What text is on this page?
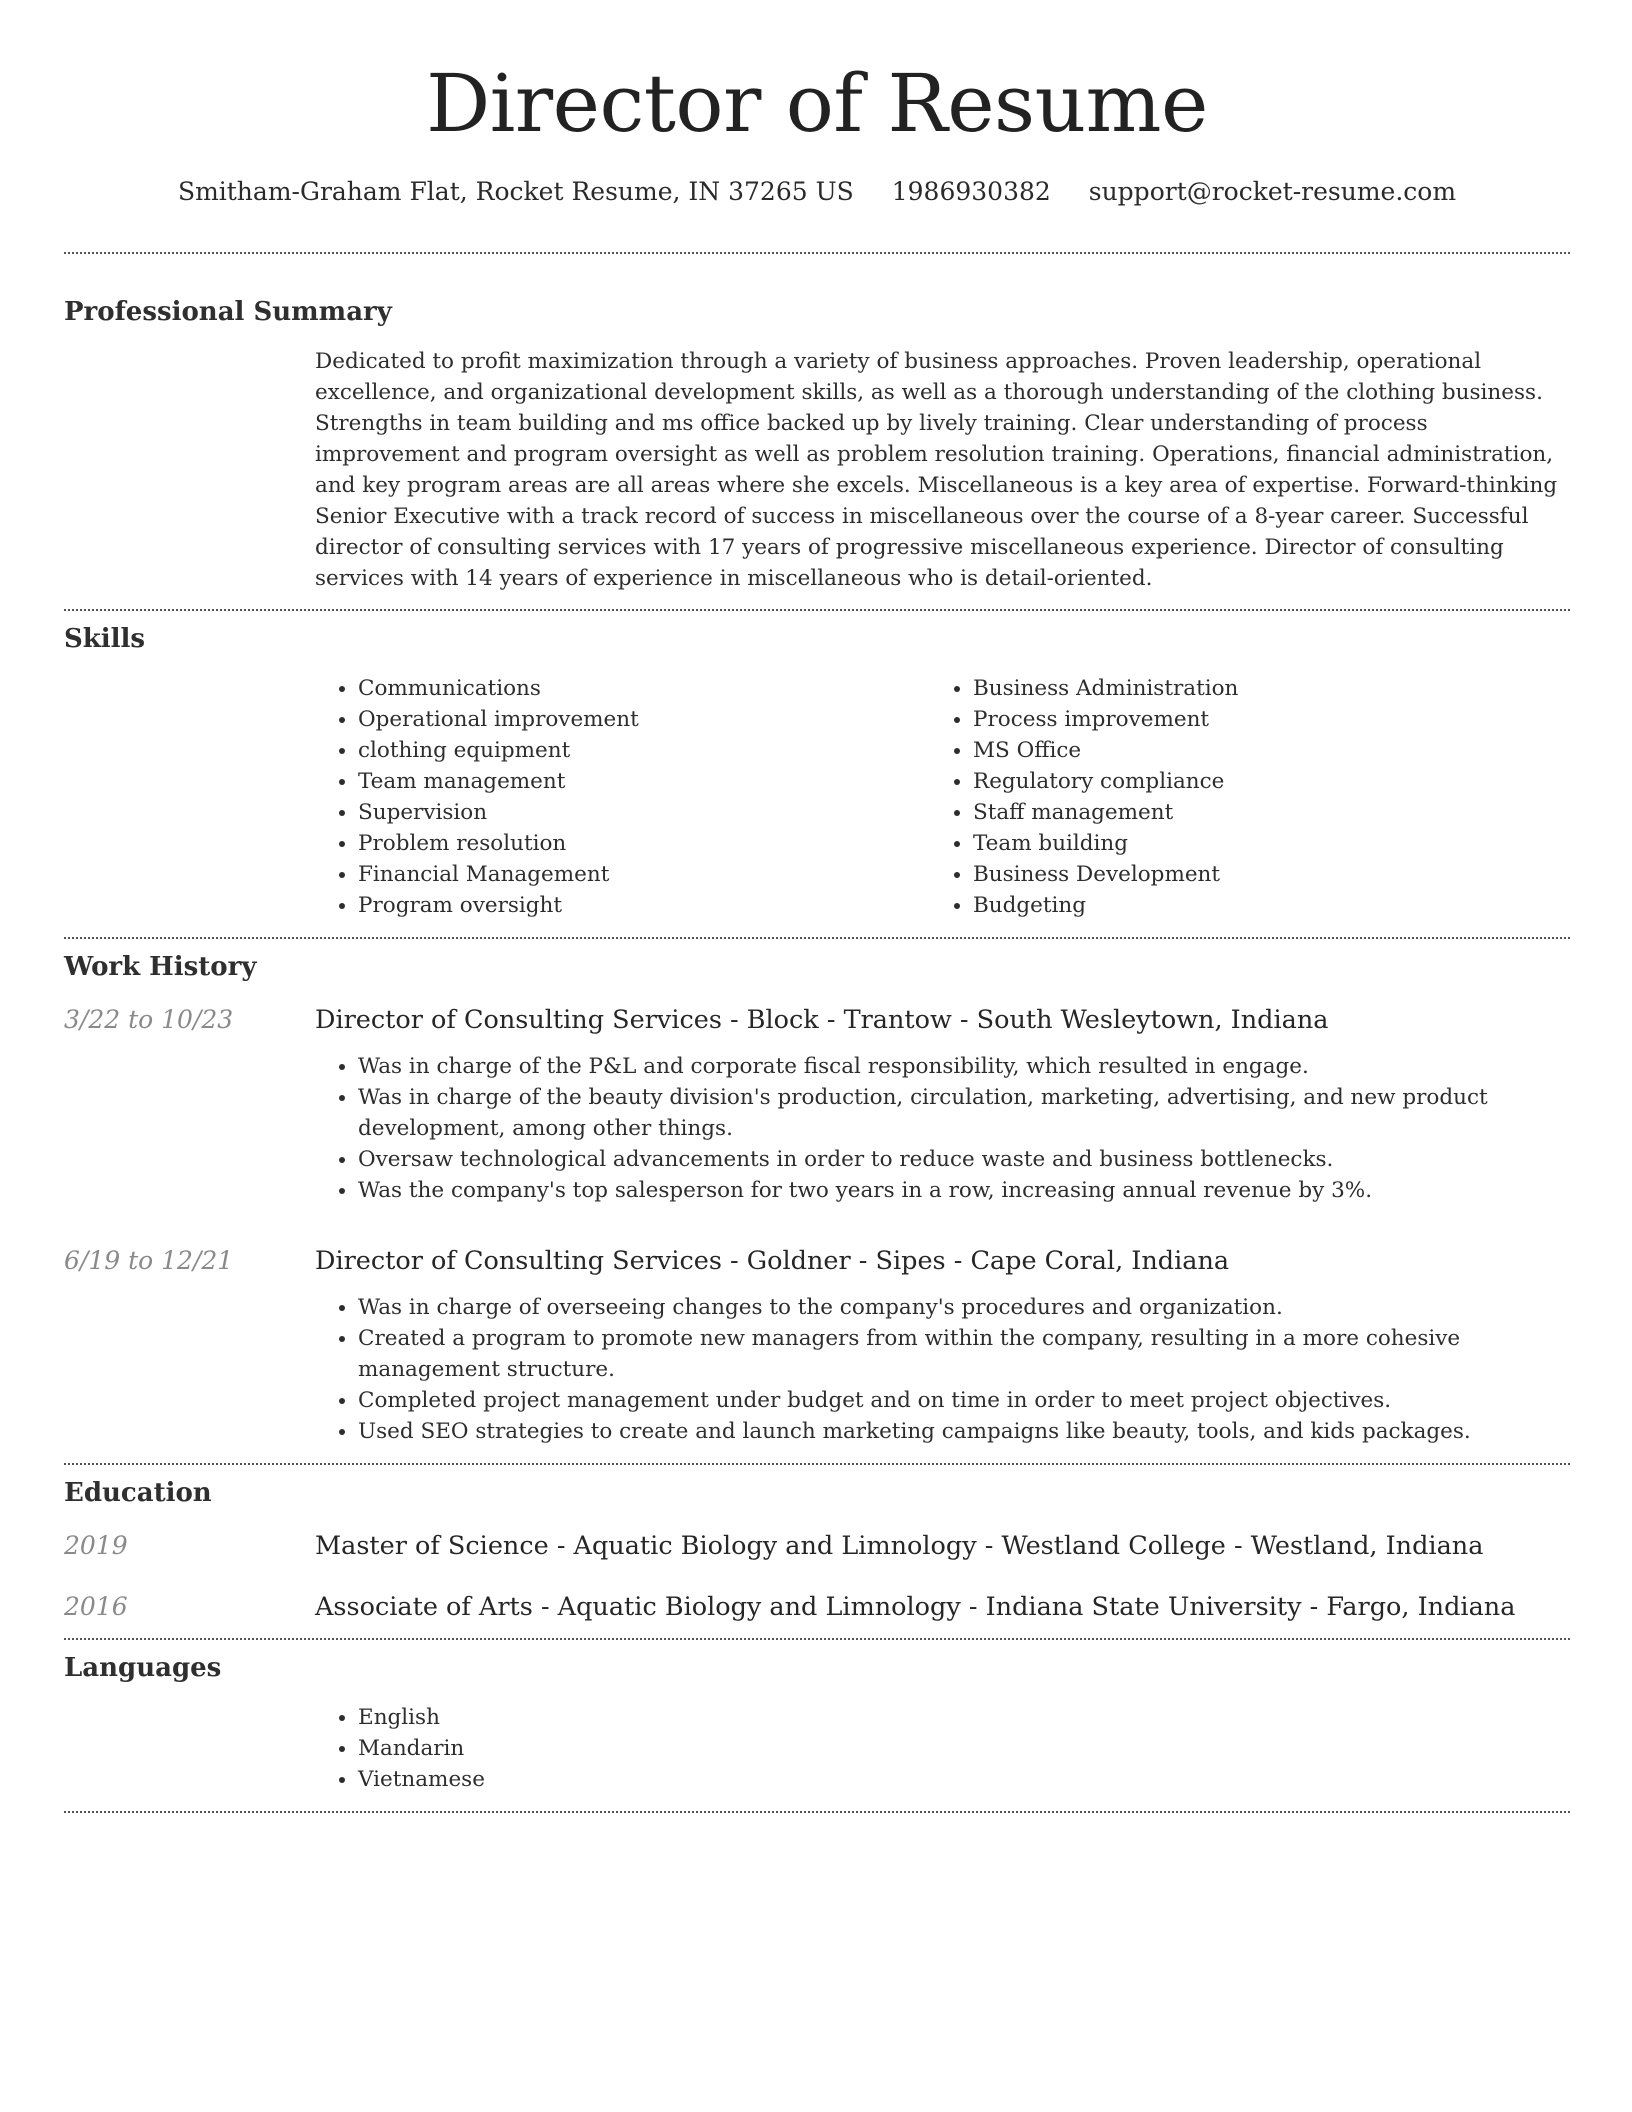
Director of Resume
Smitham-Graham Flat, Rocket Resume, IN 37265 US 1986930382 support@rocket-resume.com
Professional Summary

Dedicated to profit maximization through a variety of business approaches. Proven leadership, operational excellence, and organizational development skills, as well as a thorough understanding of the clothing business. Strengths in team building and ms office backed up by lively training. Clear understanding of process improvement and program oversight as well as problem resolution training. Operations, financial administration, and key program areas are all areas where she excels. Miscellaneous is a key area of expertise. Forward-thinking Senior Executive with a track record of success in miscellaneous over the course of a 8-year career. Successful director of consulting services with 17 years of progressive miscellaneous experience. Director of consulting services with 14 years of experience in miscellaneous who is detail-oriented.

Skills
• Communications
• Operational improvement
• clothing equipment
• Team management
• Supervision
• Problem resolution
• Financial Management
• Program oversight
• Business Administration
• Process improvement
• MS Office
• Regulatory compliance
• Staff management
• Team building
• Business Development
• Budgeting
Work History
3/22 to 10/23	Director of Consulting Services - Block - Trantow - South Wesleytown, Indiana
• Was in charge of the P&L and corporate fiscal responsibility, which resulted in engage.
• Was in charge of the beauty division's production, circulation, marketing, advertising, and new product development, among other things.
• Oversaw technological advancements in order to reduce waste and business bottlenecks.
• Was the company's top salesperson for two years in a row, increasing annual revenue by 3%.
6/19 to 12/21	Director of Consulting Services - Goldner - Sipes - Cape Coral, Indiana
• Was in charge of overseeing changes to the company's procedures and organization.
• Created a program to promote new managers from within the company, resulting in a more cohesive management structure.
• Completed project management under budget and on time in order to meet project objectives.
• Used SEO strategies to create and launch marketing campaigns like beauty, tools, and kids packages.
Education
2019	Master of Science - Aquatic Biology and Limnology - Westland College - Westland, Indiana
2016	Associate of Arts - Aquatic Biology and Limnology - Indiana State University - Fargo, Indiana
Languages
• English
• Mandarin
• Vietnamese
